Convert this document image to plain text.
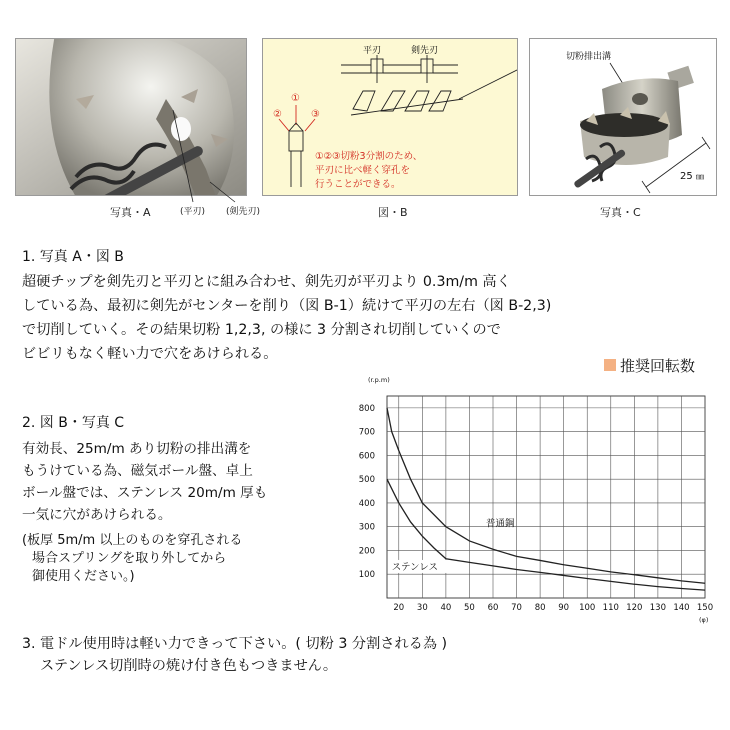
写真・A	(平刃) (剣先刃)
平刃	剣先刃
①
②	③
①②③切粉3分割のため、
平刃に比べ軽く穿孔を
行うことができる。
図・B
切粉排出溝
25 ㎜
写真・C
1. 写真 A・図 B
超硬チップを剣先刃と平刃とに組み合わせ、剣先刃が平刃より 0.3m/m 高く
している為、最初に剣先がセンターを削り（図 B-1）続けて平刃の左右（図 B-2,3)
で切削していく。その結果切粉 1,2,3, の様に 3 分割され切削していくので
ビビリもなく軽い力で穴をあけられる。
2. 図 B・写真 C
有効長、25m/m あり切粉の排出溝を
もうけている為、磁気ボール盤、卓上
ボール盤では、ステンレス 20m/m 厚も
一気に穴があけられる。
(板厚 5m/m 以上のものを穿孔される
場合スプリングを取り外してから
御使用ください。)
推奨回転数
20 30 40 50 60 70 80 90 100 110 120 130 140 150
100
200
300
400
500
600
700
800
(r.p.m)
(φ)
普通鋼
ステンレス
3. 電ドル使用時は軽い力できって下さい。( 切粉 3 分割される為 )
ステンレス切削時の焼け付き色もつきません。
